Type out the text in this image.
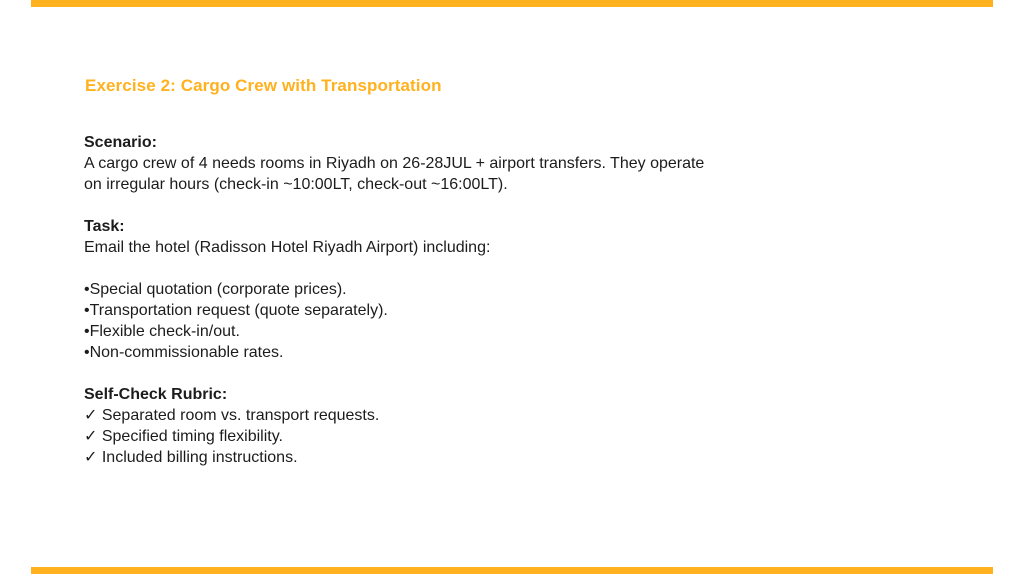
Exercise 2: Cargo Crew with Transportation

Scenario:

A cargo crew of 4 needs rooms in Riyadh on 26-28JUL + airport transfers. They operate

on irregular hours (check-in ~10:00LT, check-out ~16:00LT).

Task:

Email the hotel (Radisson Hotel Riyadh Airport) including:

•Special quotation (corporate prices).

•Transportation request (quote separately).

•Flexible check-in/out.

•Non-commissionable rates.

Self-Check Rubric:

✓ Separated room vs. transport requests.

✓ Specified timing flexibility.

✓ Included billing instructions.
